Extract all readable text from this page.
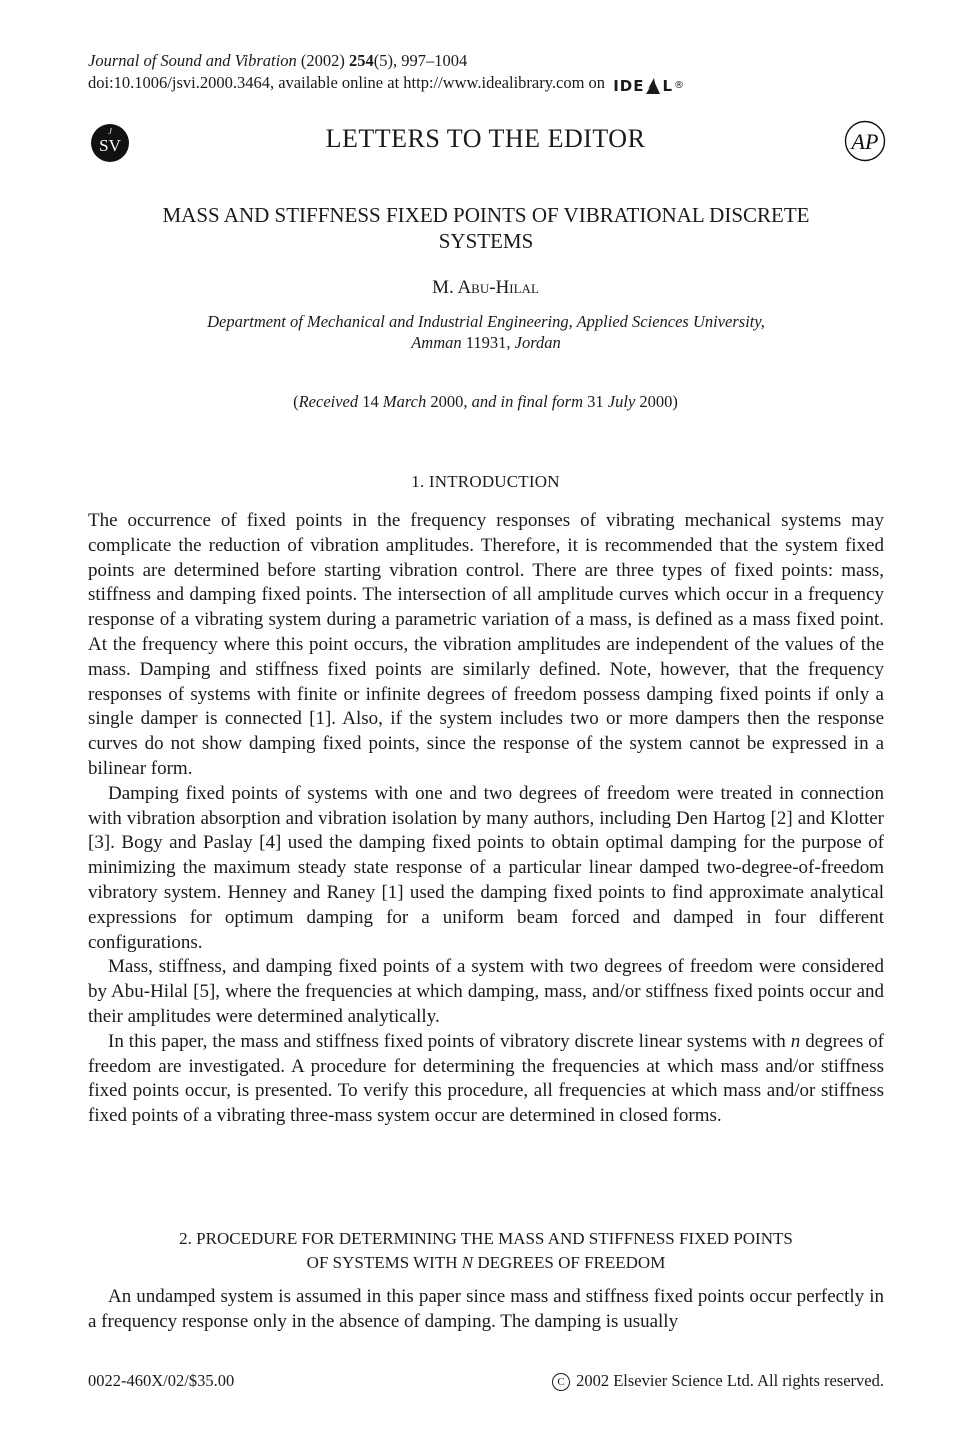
Journal of Sound and Vibration (2002) 254(5), 997–1004
doi:10.1006/jsvi.2000.3464, available online at http://www.idealibrary.com on IDE L ®
J
SV	LETTERS TO THE EDITOR	AP
MASS AND STIFFNESS FIXED POINTS OF VIBRATIONAL DISCRETE
SYSTEMS
M. Abu-Hilal
Department of Mechanical and Industrial Engineering, Applied Sciences University,
Amman 11931, Jordan
(Received 14 March 2000, and in final form 31 July 2000)
1. INTRODUCTION

The occurrence of fixed points in the frequency responses of vibrating mechanical systems may complicate the reduction of vibration amplitudes. Therefore, it is recommended that the system fixed points are determined before starting vibration control. There are three types of fixed points: mass, stiffness and damping fixed points. The intersection of all amplitude curves which occur in a frequency response of a vibrating system during a parametric variation of a mass, is defined as a mass fixed point. At the frequency where this point occurs, the vibration amplitudes are independent of the values of the mass. Damping and stiffness fixed points are similarly defined. Note, however, that the frequency responses of systems with finite or infinite degrees of freedom possess damping fixed points if only a single damper is connected [1]. Also, if the system includes two or more dampers then the response curves do not show damping fixed points, since the response of the system cannot be expressed in a bilinear form.

Damping fixed points of systems with one and two degrees of freedom were treated in connection with vibration absorption and vibration isolation by many authors, including Den Hartog [2] and Klotter [3]. Bogy and Paslay [4] used the damping fixed points to obtain optimal damping for the purpose of minimizing the maximum steady state response of a particular linear damped two-degree-of-freedom vibratory system. Henney and Raney [1] used the damping fixed points to find approximate analytical expressions for optimum damping for a uniform beam forced and damped in four different configurations.

Mass, stiffness, and damping fixed points of a system with two degrees of freedom were considered by Abu-Hilal [5], where the frequencies at which damping, mass, and/or stiffness fixed points occur and their amplitudes were determined analytically.

In this paper, the mass and stiffness fixed points of vibratory discrete linear systems with n degrees of freedom are investigated. A procedure for determining the frequencies at which mass and/or stiffness fixed points occur, is presented. To verify this procedure, all frequencies at which mass and/or stiffness fixed points of a vibrating three-mass system occur are determined in closed forms.

2. PROCEDURE FOR DETERMINING THE MASS AND STIFFNESS FIXED POINTS
OF SYSTEMS WITH N DEGREES OF FREEDOM

An undamped system is assumed in this paper since mass and stiffness fixed points occur perfectly in a frequency response only in the absence of damping. The damping is usually

0022-460X/02/$35.00	C 2002 Elsevier Science Ltd. All rights reserved.
